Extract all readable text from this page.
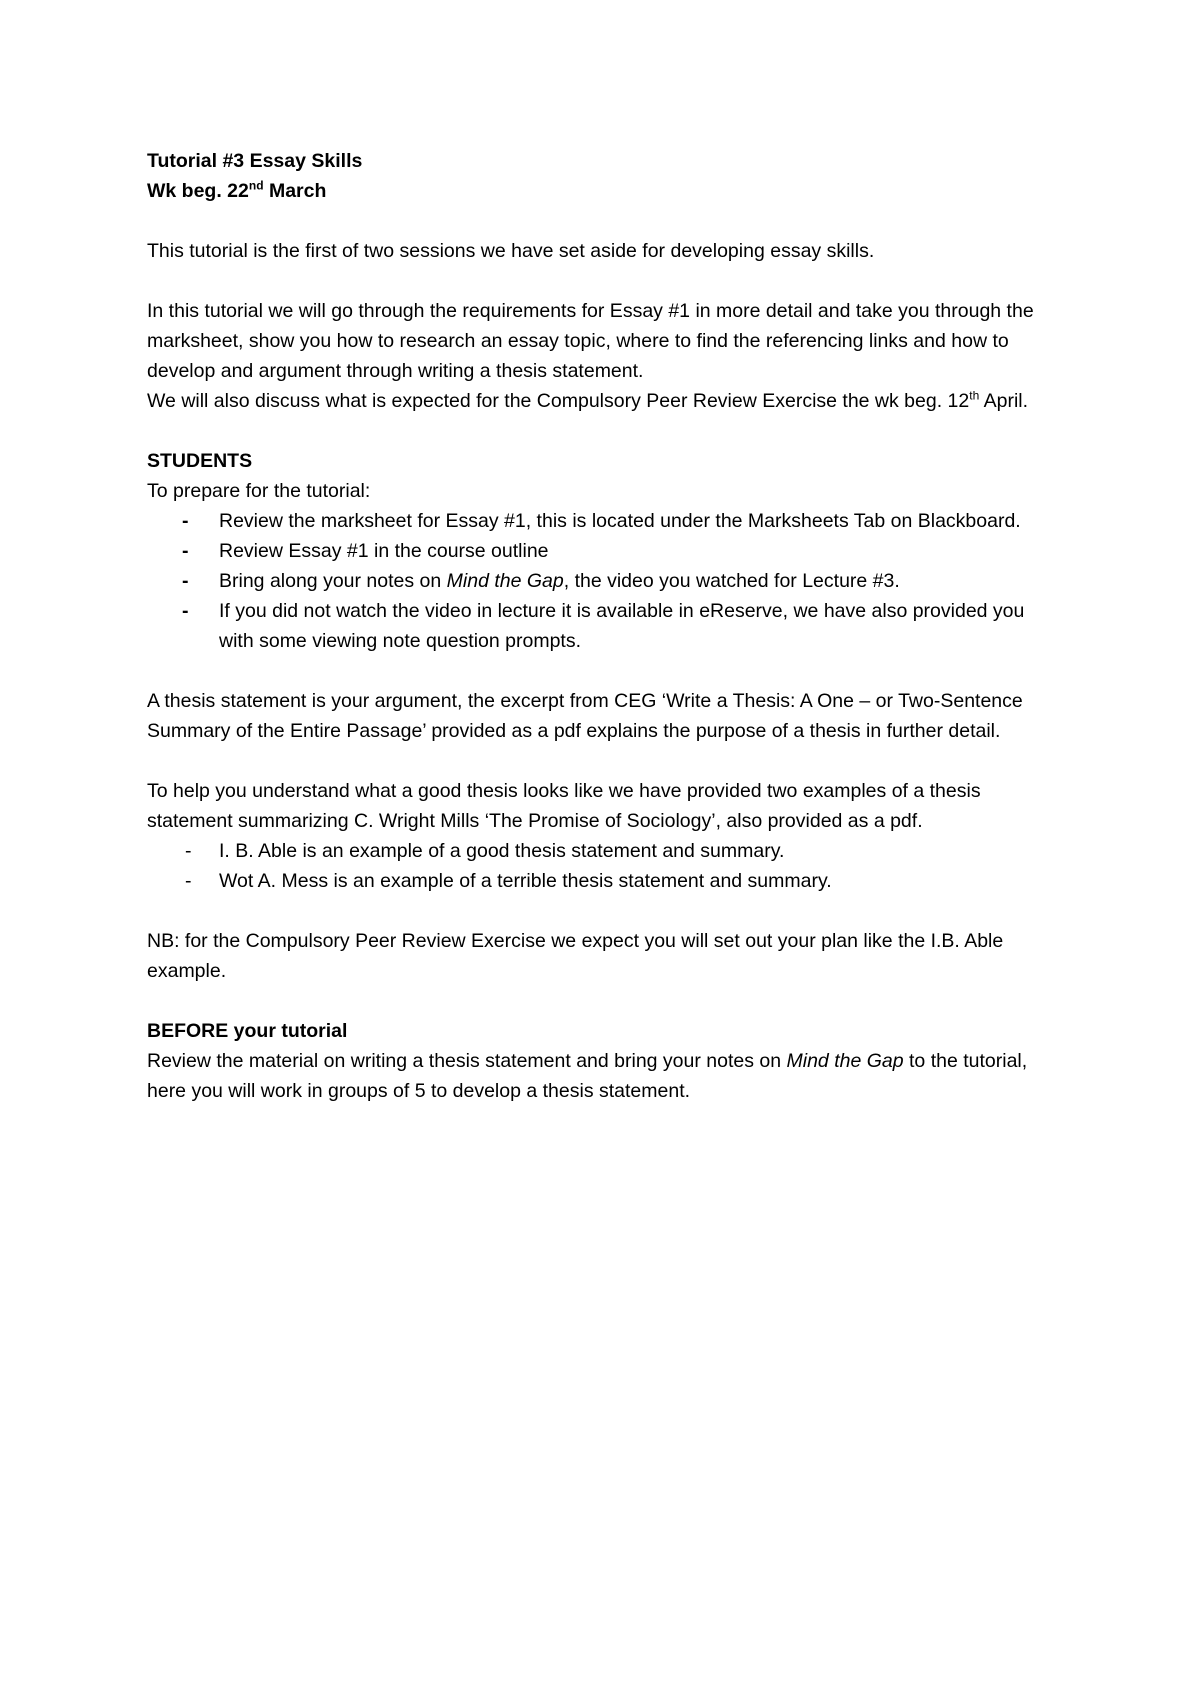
Tutorial #3 Essay Skills

Wk beg. 22nd March

This tutorial is the first of two sessions we have set aside for developing essay skills.

In this tutorial we will go through the requirements for Essay #1 in more detail and take you through the marksheet, show you how to research an essay topic, where to find the referencing links and how to develop and argument through writing a thesis statement.

We will also discuss what is expected for the Compulsory Peer Review Exercise the wk beg. 12th April.

STUDENTS

To prepare for the tutorial:

- Review the marksheet for Essay #1, this is located under the Marksheets Tab on Blackboard.
- Review Essay #1 in the course outline
- Bring along your notes on Mind the Gap, the video you watched for Lecture #3.
- If you did not watch the video in lecture it is available in eReserve, we have also provided you with some viewing note question prompts.

A thesis statement is your argument, the excerpt from CEG ‘Write a Thesis: A One – or Two-Sentence Summary of the Entire Passage’ provided as a pdf explains the purpose of a thesis in further detail.

To help you understand what a good thesis looks like we have provided two examples of a thesis statement summarizing C. Wright Mills ‘The Promise of Sociology’, also provided as a pdf.

- I. B. Able is an example of a good thesis statement and summary.
- Wot A. Mess is an example of a terrible thesis statement and summary.

NB: for the Compulsory Peer Review Exercise we expect you will set out your plan like the I.B. Able example.

BEFORE your tutorial

Review the material on writing a thesis statement and bring your notes on Mind the Gap to the tutorial, here you will work in groups of 5 to develop a thesis statement.
